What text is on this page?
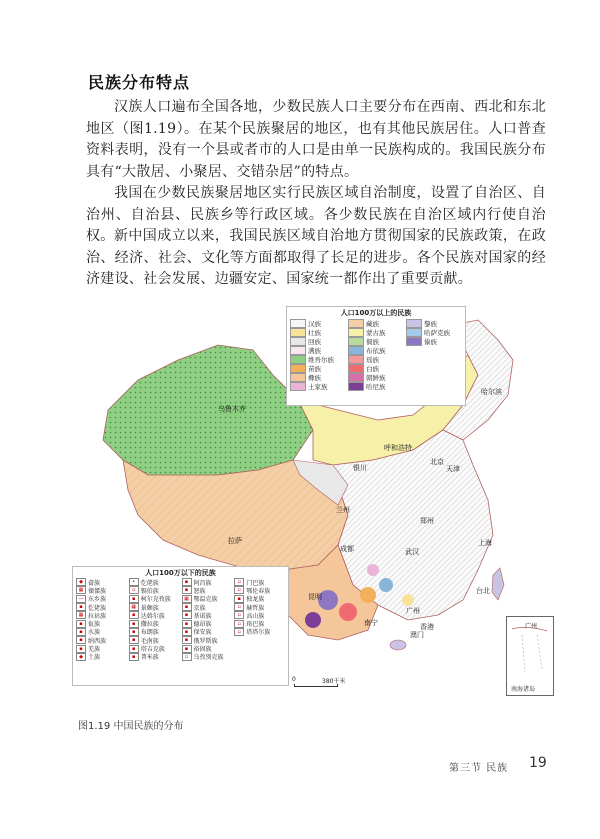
民族分布特点

汉族人口遍布全国各地，少数民族人口主要分布在西南、西北和东北地区（图1.19）。在某个民族聚居的地区，也有其他民族居住。人口普查资料表明，没有一个县或者市的人口是由单一民族构成的。我国民族分布具有“大散居、小聚居、交错杂居”的特点。

我国在少数民族聚居地区实行民族区域自治制度，设置了自治区、自治州、自治县、民族乡等行政区域。各少数民族在自治区域内行使自治权。 新中国成立以来，我国民族区域自治地方贯彻国家的民族政策，在政治、经济、社会、文化等方面都取得了长足的进步。各个民族对国家的经济建设、社会发展、边疆安定、国家统一都作出了重要贡献。

乌鲁木齐
哈尔滨
呼和浩特
北京
天津
银川
兰州
郑州
拉萨
成都	武汉
上海
昆明
广州
南宁
台北
香港
澳门
人口100万以上的民族
汉族	藏族	黎族
壮族	蒙古族	哈萨克族
回族	侗族	傣族
满族	布依族
维吾尔族	瑶族
苗族	白族
彝族	朝鲜族
土家族	哈尼族
人口100万以下的民族
◆ 畲族	• 仡佬族	▪ 阿昌族	▫ 门巴族
▦ 傈僳族	▫ 锡伯族	▪ 怒族	▫ 鄂伦春族
― 东乡族	▪ 柯尔克孜族	▦ 鄂温克族	▪ 独龙族
▪ 仡佬族	▦ 景颇族	▪ 京族	▫ 赫哲族
▦ 拉祜族	▪ 达斡尔族	▪ 基诺族	▫ 高山族
▪ 佤族	▪ 撒拉族	▪ 德昂族	▫ 珞巴族
▪ 水族	▪ 布朗族	▪ 保安族	▫ 塔塔尔族
▪ 纳西族	▪ 毛南族	▪ 俄罗斯族
▪ 羌族	▪ 塔吉克族	▪ 裕固族
◆ 土族	▪ 普米族	▫ 乌孜别克族
0	380千米
广州
南海诸岛
图1.19 中国民族的分布
第三节 民族 19
